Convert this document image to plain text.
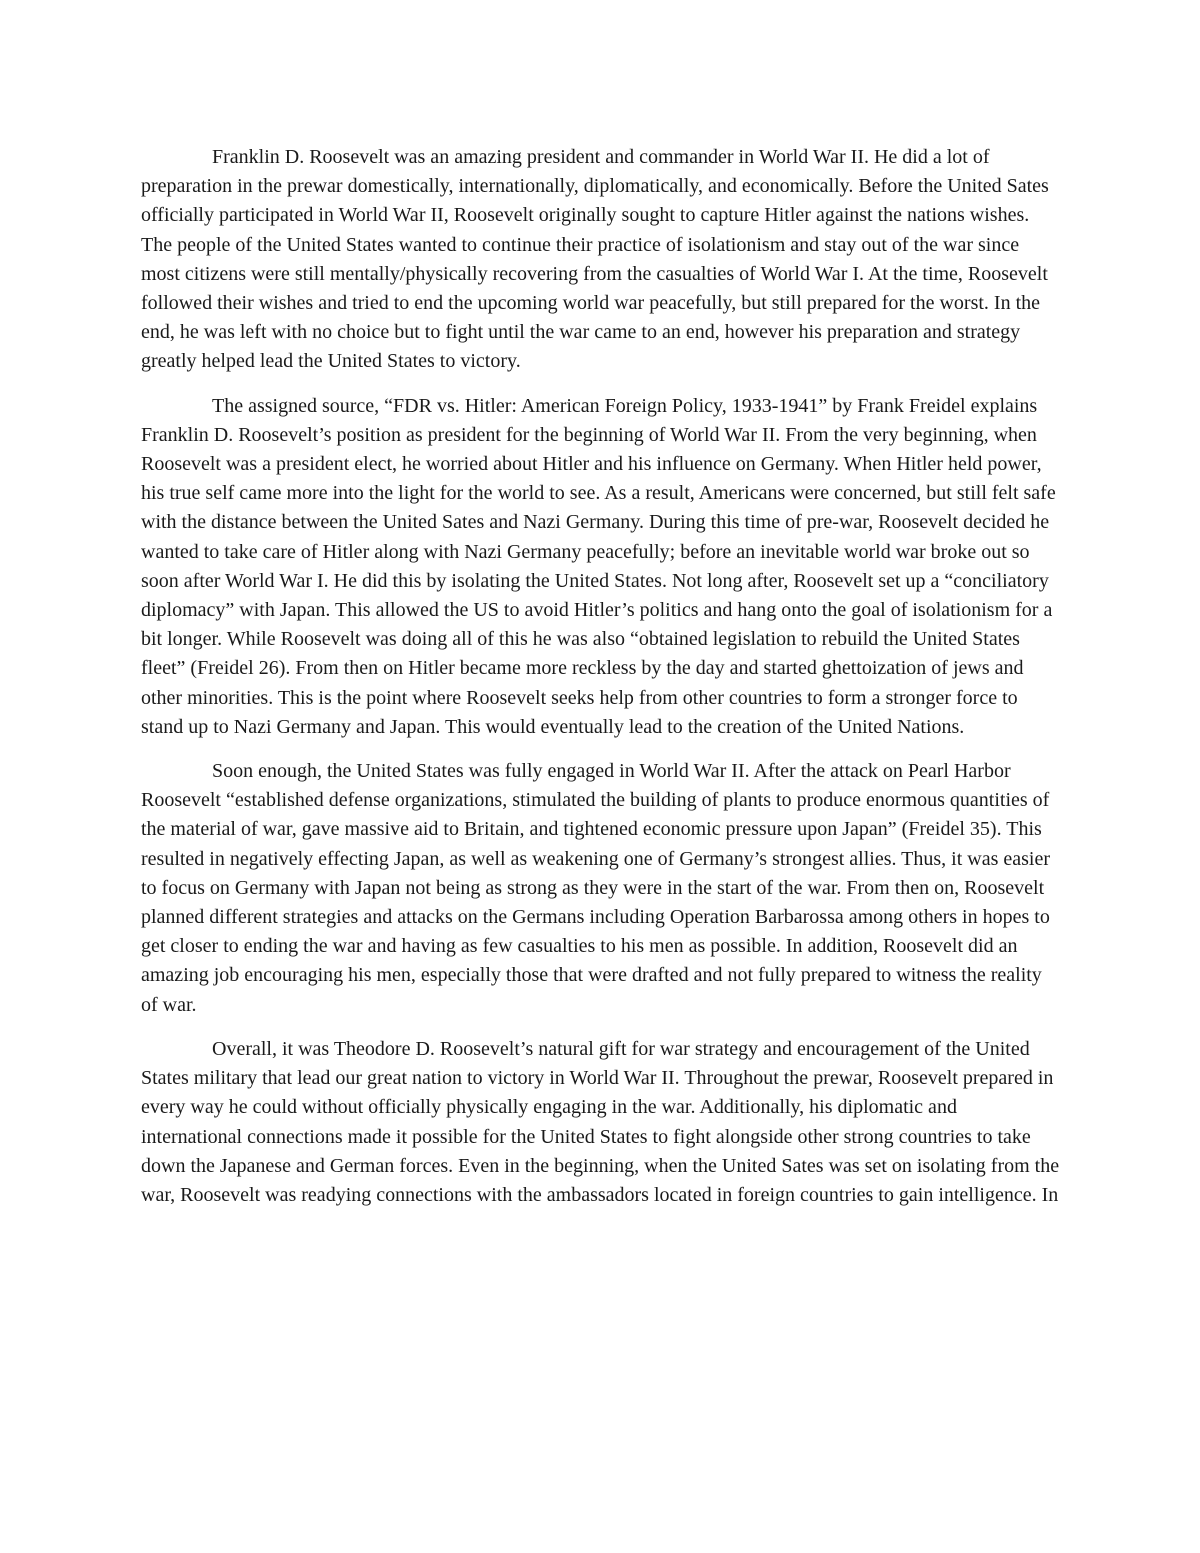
Franklin D. Roosevelt was an amazing president and commander in World War II. He did a lot of preparation in the prewar domestically, internationally, diplomatically, and economically. Before the United Sates officially participated in World War II, Roosevelt originally sought to capture Hitler against the nations wishes. The people of the United States wanted to continue their practice of isolationism and stay out of the war since most citizens were still mentally/physically recovering from the casualties of World War I. At the time, Roosevelt followed their wishes and tried to end the upcoming world war peacefully, but still prepared for the worst. In the end, he was left with no choice but to fight until the war came to an end, however his preparation and strategy greatly helped lead the United States to victory.

The assigned source, “FDR vs. Hitler: American Foreign Policy, 1933-1941” by Frank Freidel explains Franklin D. Roosevelt’s position as president for the beginning of World War II. From the very beginning, when Roosevelt was a president elect, he worried about Hitler and his influence on Germany. When Hitler held power, his true self came more into the light for the world to see. As a result, Americans were concerned, but still felt safe with the distance between the United Sates and Nazi Germany. During this time of pre-war, Roosevelt decided he wanted to take care of Hitler along with Nazi Germany peacefully; before an inevitable world war broke out so soon after World War I. He did this by isolating the United States. Not long after, Roosevelt set up a “conciliatory diplomacy” with Japan. This allowed the US to avoid Hitler’s politics and hang onto the goal of isolationism for a bit longer. While Roosevelt was doing all of this he was also “obtained legislation to rebuild the United States fleet” (Freidel 26). From then on Hitler became more reckless by the day and started ghettoization of jews and other minorities. This is the point where Roosevelt seeks help from other countries to form a stronger force to stand up to Nazi Germany and Japan. This would eventually lead to the creation of the United Nations.

Soon enough, the United States was fully engaged in World War II. After the attack on Pearl Harbor Roosevelt “established defense organizations, stimulated the building of plants to produce enormous quantities of the material of war, gave massive aid to Britain, and tightened economic pressure upon Japan” (Freidel 35). This resulted in negatively effecting Japan, as well as weakening one of Germany’s strongest allies. Thus, it was easier to focus on Germany with Japan not being as strong as they were in the start of the war. From then on, Roosevelt planned different strategies and attacks on the Germans including Operation Barbarossa among others in hopes to get closer to ending the war and having as few casualties to his men as possible. In addition, Roosevelt did an amazing job encouraging his men, especially those that were drafted and not fully prepared to witness the reality of war.

Overall, it was Theodore D. Roosevelt’s natural gift for war strategy and encouragement of the United States military that lead our great nation to victory in World War II. Throughout the prewar, Roosevelt prepared in every way he could without officially physically engaging in the war. Additionally, his diplomatic and international connections made it possible for the United States to fight alongside other strong countries to take down the Japanese and German forces. Even in the beginning, when the United Sates was set on isolating from the war, Roosevelt was readying connections with the ambassadors located in foreign countries to gain intelligence. In
